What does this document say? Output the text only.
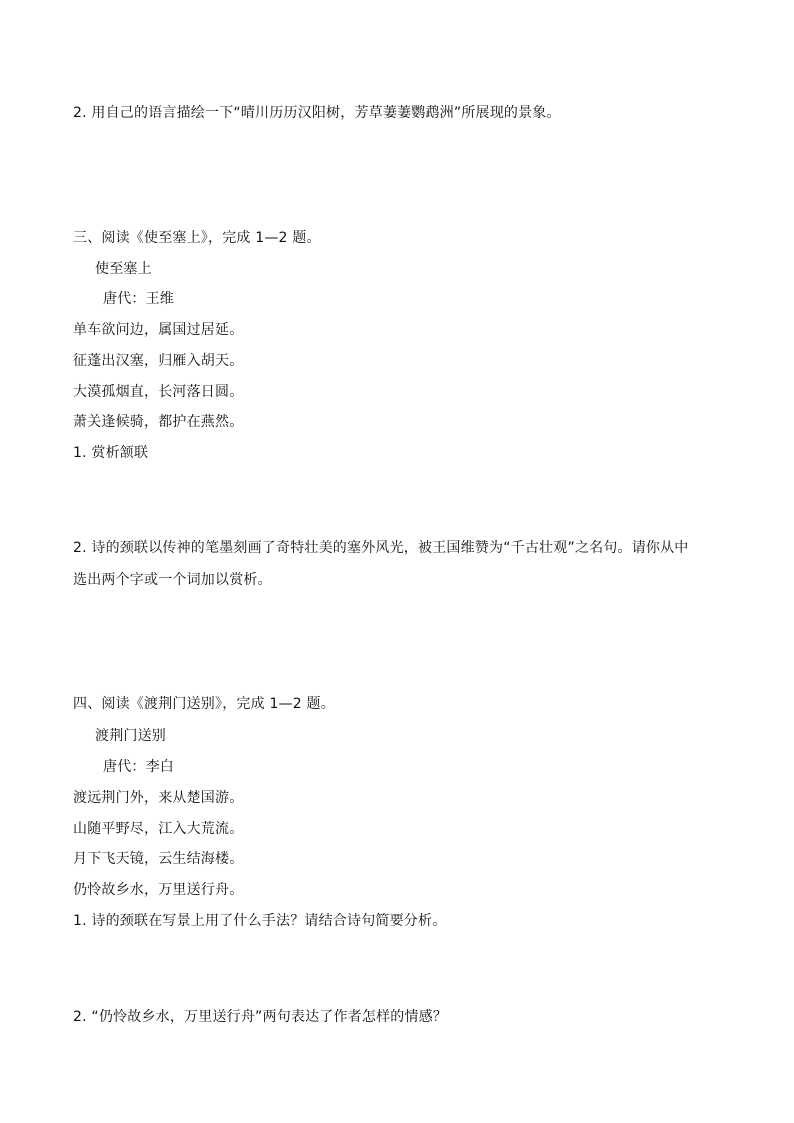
2. 用自己的语言描绘一下“晴川历历汉阳树，芳草萋萋鹦鹉洲”所展现的景象。
三、阅读《使至塞上》，完成 1—2 题。
使至塞上
唐代：王维
单车欲问边，属国过居延。
征蓬出汉塞，归雁入胡天。
大漠孤烟直，长河落日圆。
萧关逢候骑，都护在燕然。
1. 赏析颔联
2. 诗的颈联以传神的笔墨刻画了奇特壮美的塞外风光，被王国维赞为“千古壮观”之名句。请你从中
选出两个字或一个词加以赏析。
四、阅读《渡荆门送别》，完成 1—2 题。
渡荆门送别
唐代：李白
渡远荆门外，来从楚国游。
山随平野尽，江入大荒流。
月下飞天镜，云生结海楼。
仍怜故乡水，万里送行舟。
1. 诗的颈联在写景上用了什么手法？请结合诗句简要分析。
2. “仍怜故乡水，万里送行舟”两句表达了作者怎样的情感？
